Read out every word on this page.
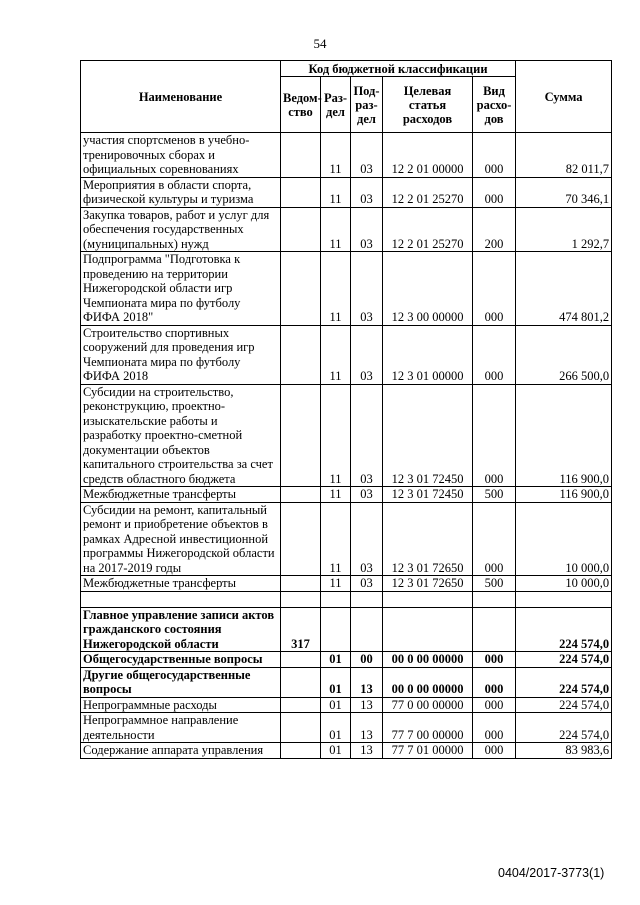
54
Наименование	Код бюджетной классификации					Сумма
	Ведом-ство	Раз-дел	Под-раз-дел	Целевая статья расходов	Вид расхо-дов	
участия спортсменов в учебно-тренировочных сборах и официальных соревнованиях		11	03	12 2 01 00000	000	82 011,7
Мероприятия в области спорта, физической культуры и туризма		11	03	12 2 01 25270	000	70 346,1
Закупка товаров, работ и услуг для обеспечения государственных (муниципальных) нужд		11	03	12 2 01 25270	200	1 292,7
Подпрограмма "Подготовка к проведению на территории Нижегородской области игр Чемпионата мира по футболу ФИФА 2018"		11	03	12 3 00 00000	000	474 801,2
Строительство спортивных сооружений для проведения игр Чемпионата мира по футболу ФИФА 2018		11	03	12 3 01 00000	000	266 500,0
Субсидии на строительство, реконструкцию, проектно-изыскательские работы и разработку проектно-сметной документации объектов капитального строительства за счет средств областного бюджета		11	03	12 3 01 72450	000	116 900,0
Межбюджетные трансферты		11	03	12 3 01 72450	500	116 900,0
Субсидии на ремонт, капитальный ремонт и приобретение объектов в рамках Адресной инвестиционной программы Нижегородской области на 2017-2019 годы		11	03	12 3 01 72650	000	10 000,0
Межбюджетные трансферты		11	03	12 3 01 72650	500	10 000,0

Главное управление записи актов гражданского состояния Нижегородской области	317					224 574,0
Общегосударственные вопросы		01	00	00 0 00 00000	000	224 574,0
Другие общегосударственные вопросы		01	13	00 0 00 00000	000	224 574,0
Непрограммные расходы		01	13	77 0 00 00000	000	224 574,0
Непрограммное направление деятельности		01	13	77 7 00 00000	000	224 574,0
Содержание аппарата управления		01	13	77 7 01 00000	000	83 983,6
0404/2017-3773(1)
